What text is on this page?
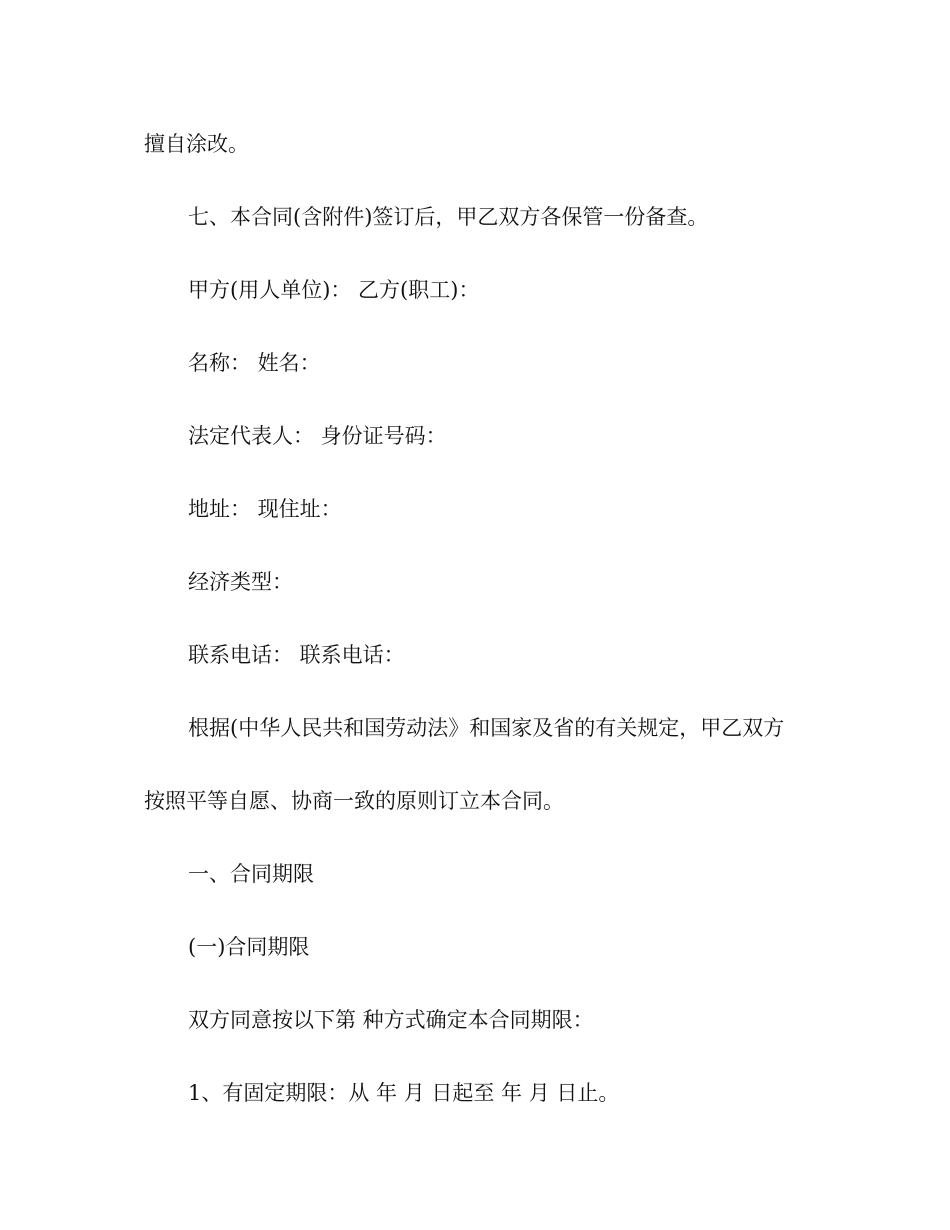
擅自涂改。
七、本合同(含附件)签订后，甲乙双方各保管一份备查。
甲方(用人单位)： 乙方(职工)：
名称： 姓名：
法定代表人： 身份证号码：
地址： 现住址：
经济类型：
联系电话： 联系电话：
根据(中华人民共和国劳动法》和国家及省的有关规定，甲乙双方
按照平等自愿、协商一致的原则订立本合同。
一、合同期限
(一)合同期限
双方同意按以下第 种方式确定本合同期限：
1、有固定期限：从 年 月 日起至 年 月 日止。
